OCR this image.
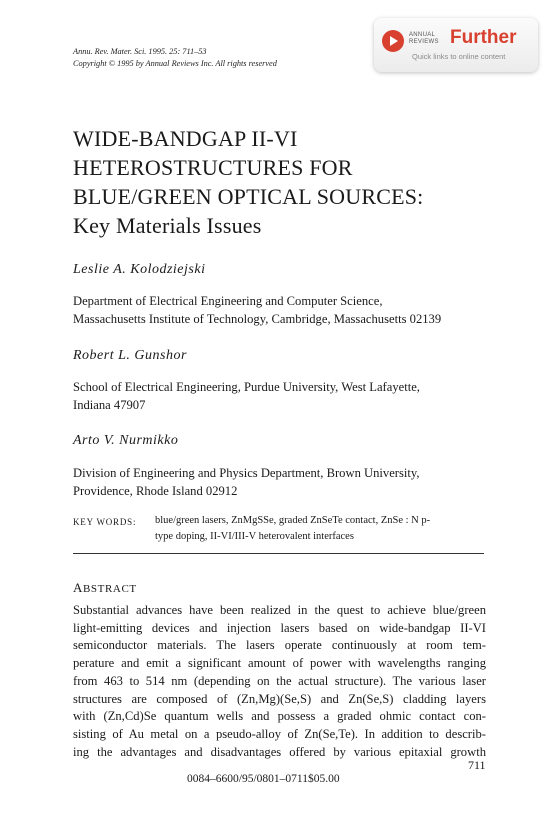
Annu. Rev. Mater. Sci. 1995. 25: 711–53
Copyright © 1995 by Annual Reviews Inc. All rights reserved
ANNUAL
REVIEWS Further
Quick links to online content
WIDE-BANDGAP II-VI
HETEROSTRUCTURES FOR
BLUE/GREEN OPTICAL SOURCES:
Key Materials Issues
Leslie A. Kolodziejski
Department of Electrical Engineering and Computer Science,
Massachusetts Institute of Technology, Cambridge, Massachusetts 02139
Robert L. Gunshor
School of Electrical Engineering, Purdue University, West Lafayette,
Indiana 47907
Arto V. Nurmikko
Division of Engineering and Physics Department, Brown University,
Providence, Rhode Island 02912
KEY WORDS: blue/green lasers, ZnMgSSe, graded ZnSeTe contact, ZnSe : N p-
type doping, II-VI/III-V heterovalent interfaces
ABSTRACT
Substantial advances have been realized in the quest to achieve blue/green
light-emitting devices and injection lasers based on wide-bandgap II-VI
semiconductor materials. The lasers operate continuously at room tem-
perature and emit a significant amount of power with wavelengths ranging
from 463 to 514 nm (depending on the actual structure). The various laser
structures are composed of (Zn,Mg)(Se,S) and Zn(Se,S) cladding layers
with (Zn,Cd)Se quantum wells and possess a graded ohmic contact con-
sisting of Au metal on a pseudo-alloy of Zn(Se,Te). In addition to describ-
ing the advantages and disadvantages offered by various epitaxial growth
0084–6600/95/0801–0711$05.00
711
